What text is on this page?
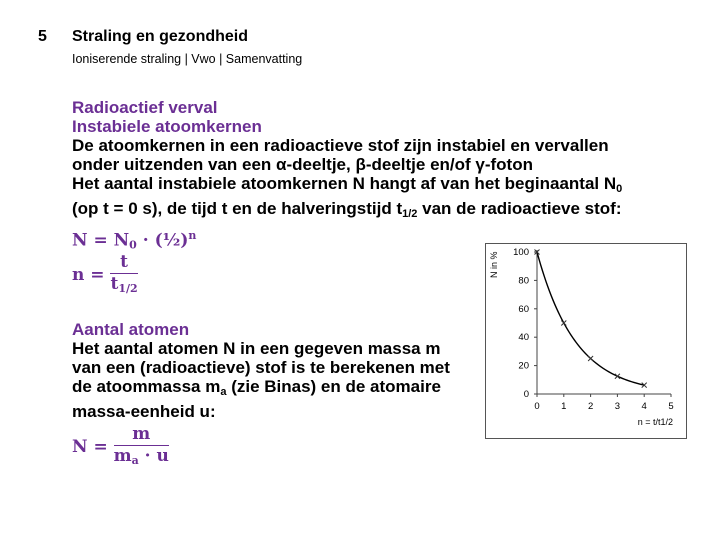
5 Straling en gezondheid
Ioniserende straling | Vwo | Samenvatting
Radioactief verval
Instabiele atoomkernen
De atoomkernen in een radioactieve stof zijn instabiel en vervallen
onder uitzenden van een α-deeltje, β-deeltje en/of γ-foton
Het aantal instabiele atoomkernen N hangt af van het beginaantal $N_0$
(op t = 0 s), de tijd t en de halveringstijd $t_{1/2}$ van de radioactieve stof:
$N = N_0$ · (½)$^n$
$n = \frac{t}{t_{1/2}}$
Aantal atomen
Het aantal atomen N in een gegeven massa m
van een (radioactieve) stof is te berekenen met
de atoommassa $m_a$ (zie Binas) en de atomaire
massa-eenheid u:
$N = \frac{m}{m_a \cdot u}$
0
20
40
60
80
100
0 1 2 3 4 5
n = t/t1/2
N in %
